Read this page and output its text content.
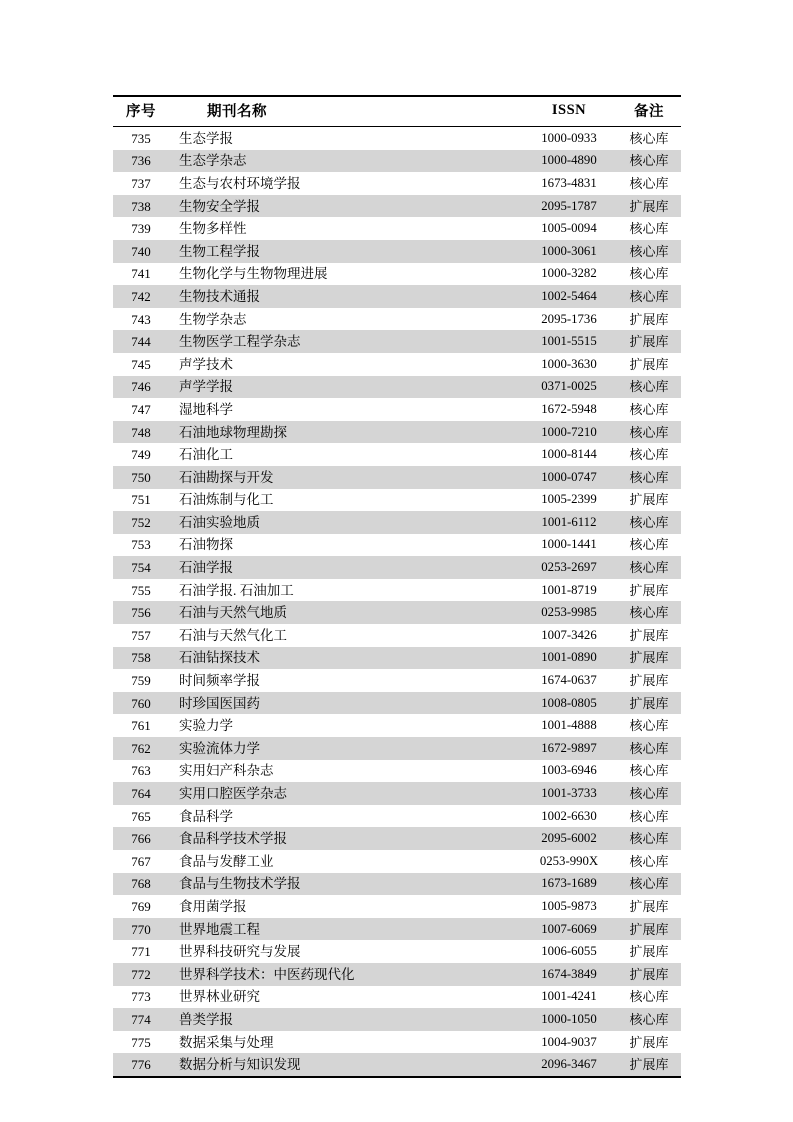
序号	期刊名称	ISSN	备注
735	生态学报	1000-0933	核心库
736	生态学杂志	1000-4890	核心库
737	生态与农村环境学报	1673-4831	核心库
738	生物安全学报	2095-1787	扩展库
739	生物多样性	1005-0094	核心库
740	生物工程学报	1000-3061	核心库
741	生物化学与生物物理进展	1000-3282	核心库
742	生物技术通报	1002-5464	核心库
743	生物学杂志	2095-1736	扩展库
744	生物医学工程学杂志	1001-5515	扩展库
745	声学技术	1000-3630	扩展库
746	声学学报	0371-0025	核心库
747	湿地科学	1672-5948	核心库
748	石油地球物理勘探	1000-7210	核心库
749	石油化工	1000-8144	核心库
750	石油勘探与开发	1000-0747	核心库
751	石油炼制与化工	1005-2399	扩展库
752	石油实验地质	1001-6112	核心库
753	石油物探	1000-1441	核心库
754	石油学报	0253-2697	核心库
755	石油学报. 石油加工	1001-8719	扩展库
756	石油与天然气地质	0253-9985	核心库
757	石油与天然气化工	1007-3426	扩展库
758	石油钻探技术	1001-0890	扩展库
759	时间频率学报	1674-0637	扩展库
760	时珍国医国药	1008-0805	扩展库
761	实验力学	1001-4888	核心库
762	实验流体力学	1672-9897	核心库
763	实用妇产科杂志	1003-6946	核心库
764	实用口腔医学杂志	1001-3733	核心库
765	食品科学	1002-6630	核心库
766	食品科学技术学报	2095-6002	核心库
767	食品与发酵工业	0253-990X	核心库
768	食品与生物技术学报	1673-1689	核心库
769	食用菌学报	1005-9873	扩展库
770	世界地震工程	1007-6069	扩展库
771	世界科技研究与发展	1006-6055	扩展库
772	世界科学技术：中医药现代化	1674-3849	扩展库
773	世界林业研究	1001-4241	核心库
774	兽类学报	1000-1050	核心库
775	数据采集与处理	1004-9037	扩展库
776	数据分析与知识发现	2096-3467	扩展库
